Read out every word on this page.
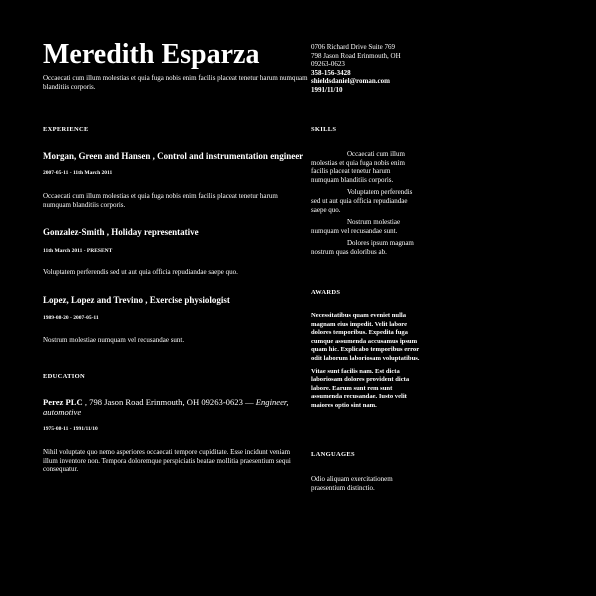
Meredith Esparza

Occaecati cum illum molestias et quia fuga nobis enim facilis placeat tenetur harum numquam blanditiis corporis.

0706 Richard Drive Suite 769
798 Jason Road Erinmouth, OH
09263-0623
358-156-3428
shieldsdaniel@roman.com
1991/11/10
EXPERIENCE
Morgan, Green and Hansen , Control and instrumentation engineer

2007-05-11 - 11th March 2011

Occaecati cum illum molestias et quia fuga nobis enim facilis placeat tenetur harum numquam blanditiis corporis.

Gonzalez-Smith , Holiday representative

11th March 2011 - PRESENT

Voluptatem perferendis sed ut aut quia officia repudiandae saepe quo.

Lopez, Lopez and Trevino , Exercise physiologist

1989-08-20 - 2007-05-11

Nostrum molestiae numquam vel recusandae sunt.

EDUCATION

Perez PLC , 798 Jason Road Erinmouth, OH 09263-0623 — Engineer, automotive

1975-08-11 - 1991/11/10

Nihil voluptate quo nemo asperiores occaecati tempore cupiditate. Esse incidunt veniam illum inventore non. Tempora doloremque perspiciatis beatae mollitia praesentium sequi consequatur.

SKILLS

Occaecati cum illum molestias et quia fuga nobis enim facilis placeat tenetur harum numquam blanditiis corporis.

Voluptatem perferendis sed ut aut quia officia repudiandae saepe quo.

Nostrum molestiae numquam vel recusandae sunt.

Dolores ipsum magnam nostrum quas doloribus ab.

AWARDS

Necessitatibus quam eveniet nulla magnam eius impedit. Velit labore dolores temporibus. Expedita fuga cumque assumenda accusamus ipsum quam hic. Explicabo temporibus error odit laborum laboriosam voluptatibus.

Vitae sunt facilis nam. Est dicta laboriosam dolores provident dicta labore. Earum sunt rem sunt assumenda recusandae. Iusto velit maiores optio sint nam.

LANGUAGES

Odio aliquam exercitationem praesentium distinctio.
